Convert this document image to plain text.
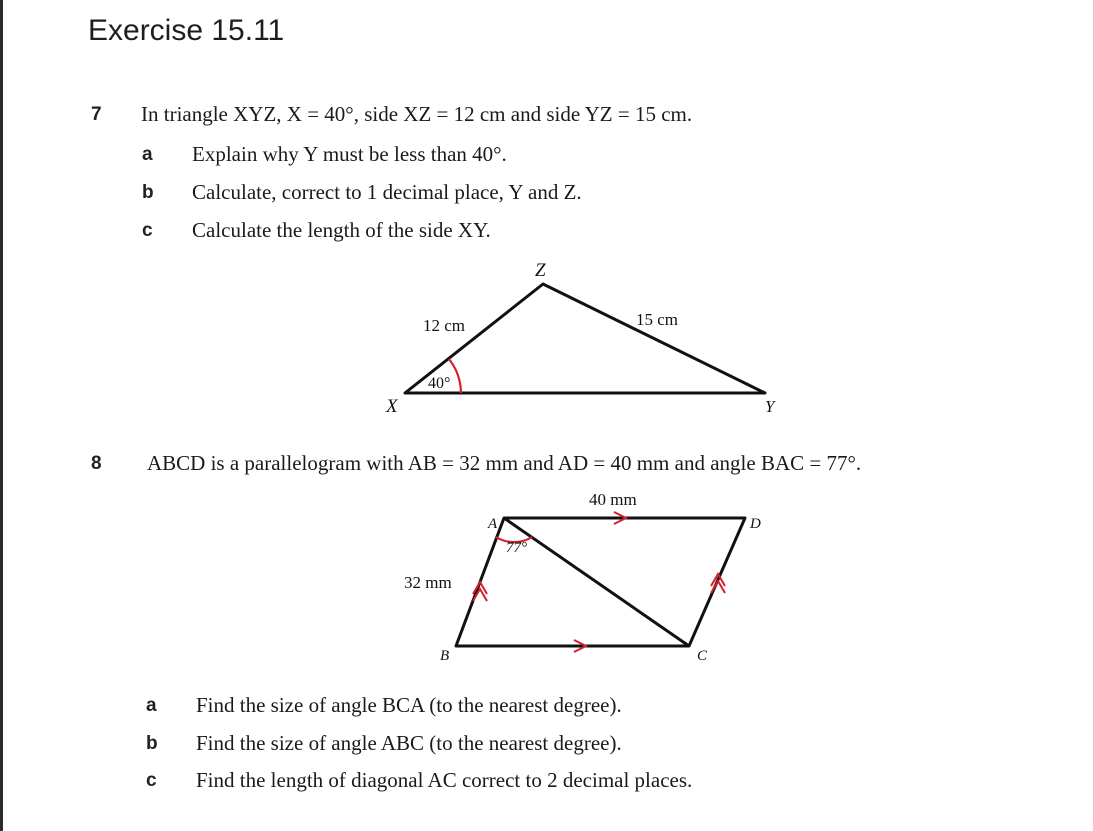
Exercise 15.11
7 In triangle XYZ, X = 40°, side XZ = 12 cm and side YZ = 15 cm.
a Explain why Y must be less than 40°.
b Calculate, correct to 1 decimal place, Y and Z.
c Calculate the length of the side XY.
Z
X	Y
12 cm	15 cm
40°
8 ABCD is a parallelogram with AB = 32 mm and AD = 40 mm and angle BAC = 77°.
A	D
B	C
40 mm
32 mm
77°
a Find the size of angle BCA (to the nearest degree).
b Find the size of angle ABC (to the nearest degree).
c Find the length of diagonal AC correct to 2 decimal places.
